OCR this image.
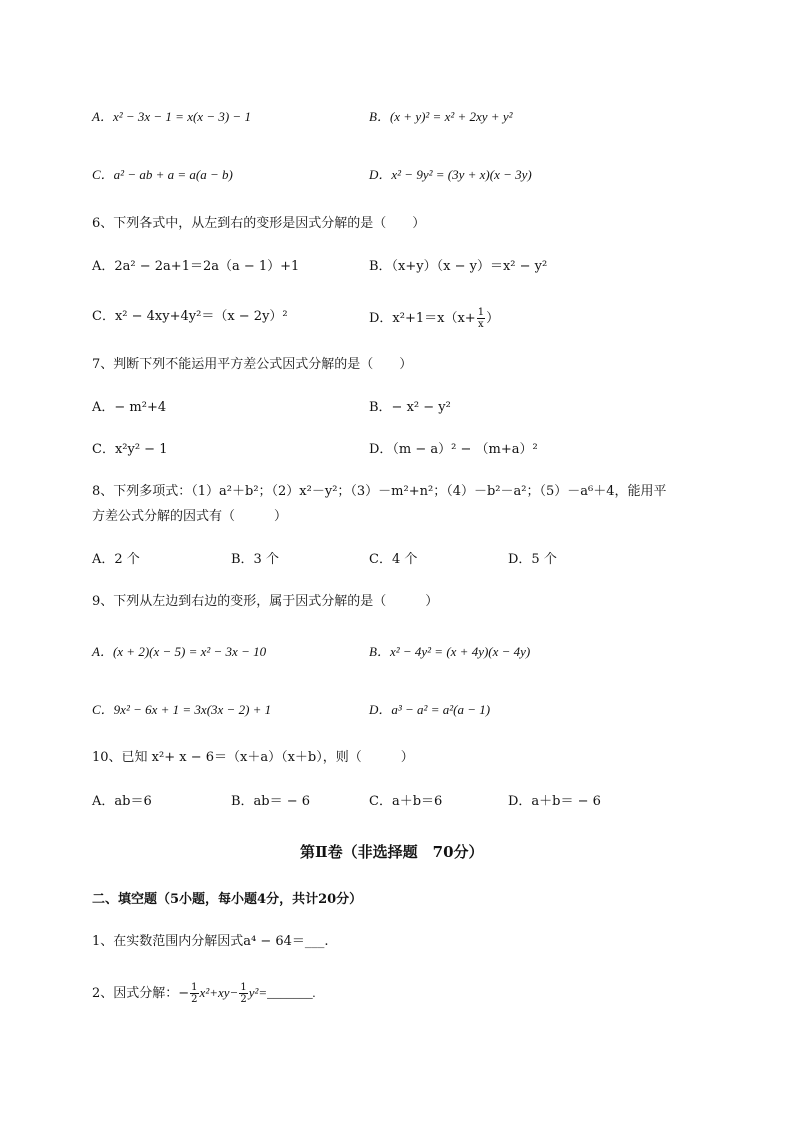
A．x² − 3x − 1 = x(x − 3) − 1	B．(x + y)² = x² + 2xy + y²
C．a² − ab + a = a(a − b)	D．x² − 9y² = (3y + x)(x − 3y)
6、下列各式中，从左到右的变形是因式分解的是（　　）
A．2a² − 2a+1＝2a（a − 1）+1	B．（x+y）（x − y）＝x² − y²
C．x² − 4xy+4y²＝（x − 2y）²	D．$x^2+1=x(x+ \frac{1}{x}$ ）
7、判断下列不能运用平方差公式因式分解的是（　　）
A．− m²+4	B．− x² − y²
C．x²y² − 1	D．（m − a）² − （m+a）²
8、下列多项式：（1）a²＋b²；（2）x²－y²；（3）－m²+n²；（4）－b²－a²；（5）－a⁶＋4，能用平
方差公式分解的因式有（　　　）
A．2 个	B．3 个	C．4 个	D．5 个
9、下列从左边到右边的变形，属于因式分解的是（　　　）
A．(x + 2)(x − 5) = x² − 3x − 10	B．x² − 4y² = (x + 4y)(x − 4y)
C．9x² − 6x + 1 = 3x(3x − 2) + 1	D．a³ − a² = a²(a − 1)
10、已知 x²+ x − 6＝（x＋a）（x＋b），则（　　　）
A．ab＝6	B．ab＝ − 6	C．a＋b＝6	D．a＋b＝ − 6
第Ⅱ卷（非选择题　70分）
二、填空题（5小题，每小题4分，共计20分）
1、在实数范围内分解因式a⁴ − 64＝___.
2、因式分解：− $\frac{1}{2} x^2+xy- \frac{1}{2}$ y²=_______.
